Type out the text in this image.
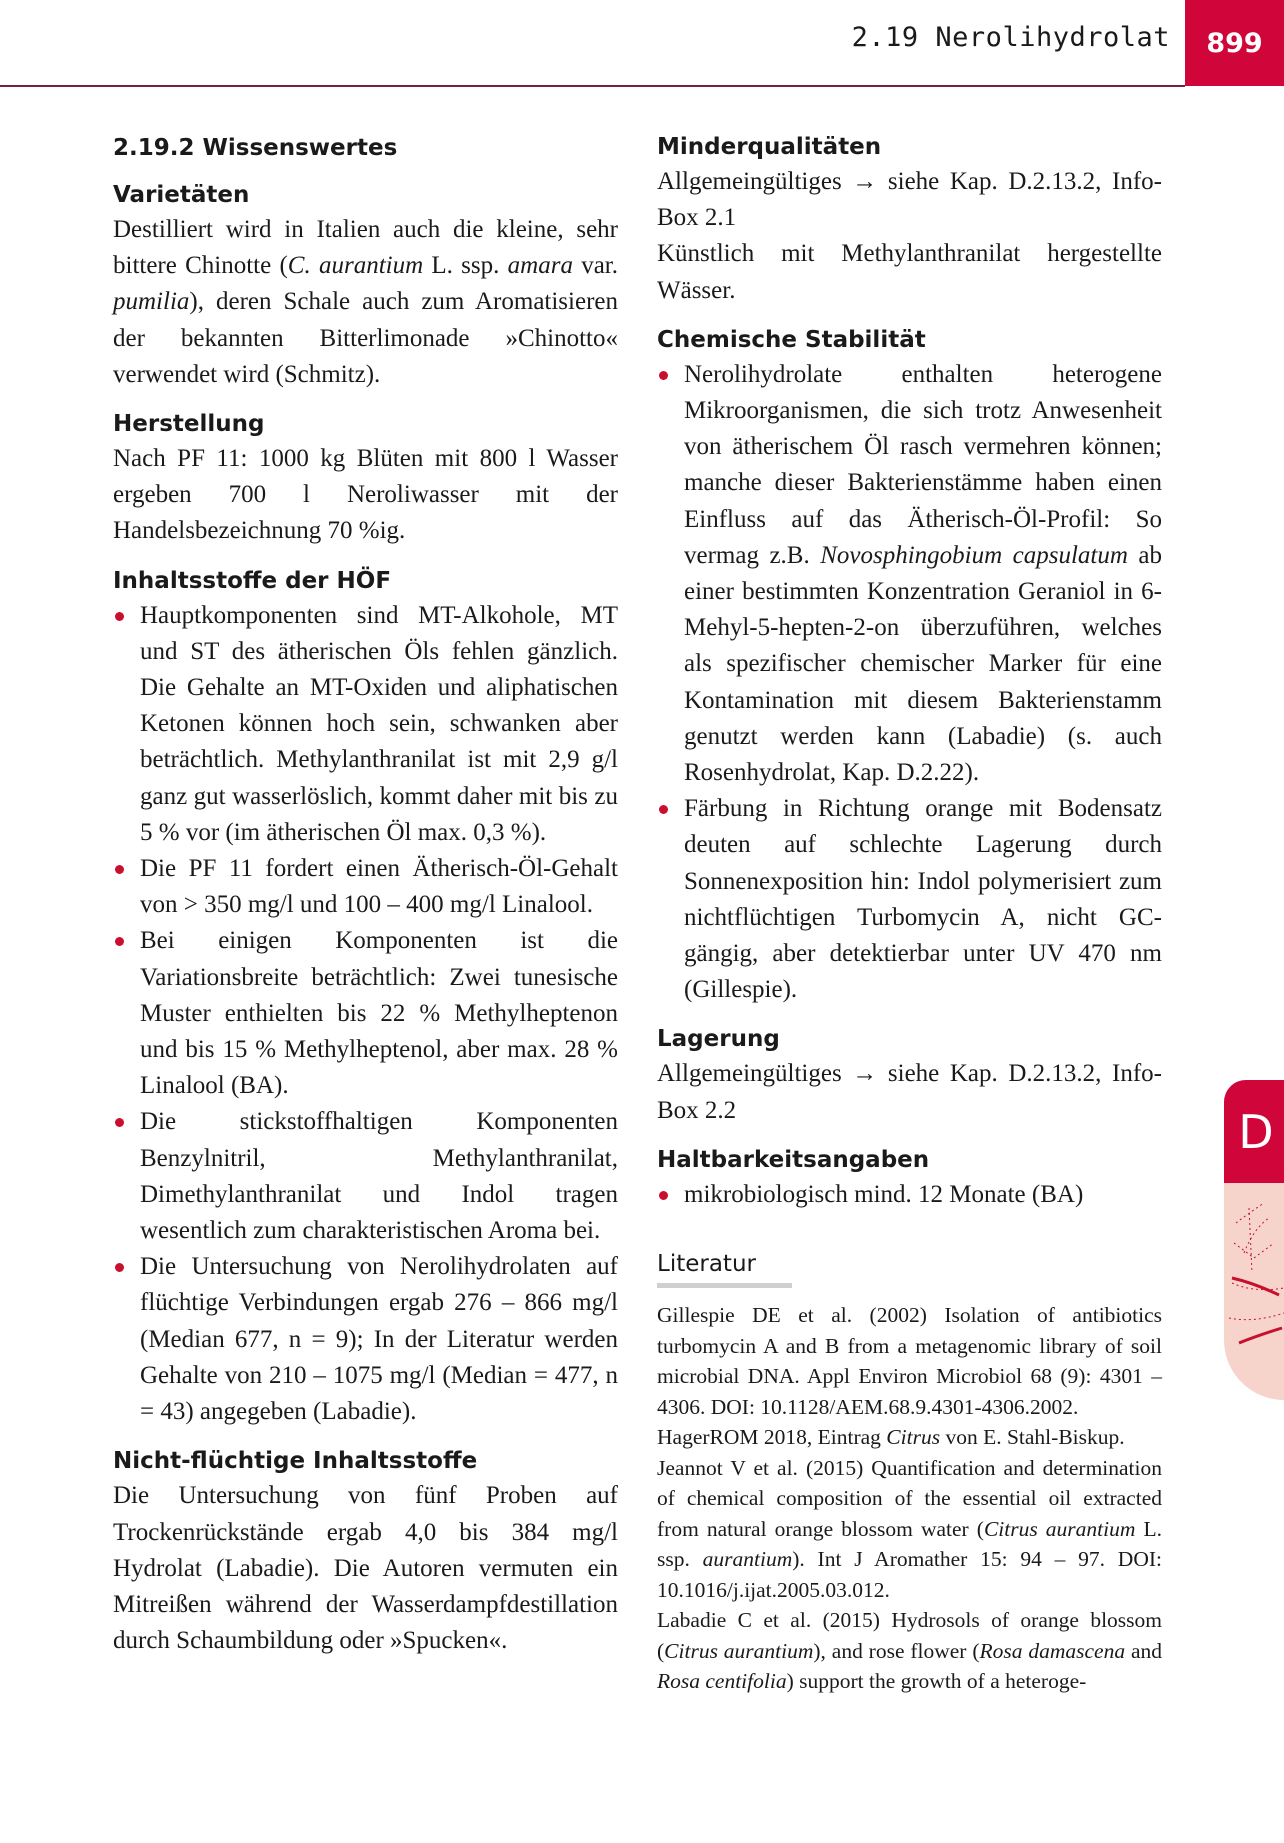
2.19 Nerolihydrolat	899
2.19.2 Wissenswertes
Varietäten

Destilliert wird in Italien auch die kleine, sehr bittere Chinotte (C. aurantium L. ssp. amara var. pumilia), deren Schale auch zum Aromatisieren der bekannten Bitterlimonade »Chinotto« verwendet wird (Schmitz).

Herstellung

Nach PF 11: 1000 kg Blüten mit 800 l Wasser ergeben 700 l Neroliwasser mit der Handelsbezeichnung 70 %ig.

Inhaltsstoffe der HÖF
Hauptkomponenten sind MT-Alkohole, MT und ST des ätherischen Öls fehlen gänzlich. Die Gehalte an MT-Oxiden und aliphatischen Ketonen können hoch sein, schwanken aber beträchtlich. Methylanthranilat ist mit 2,9 g/l ganz gut wasserlöslich, kommt daher mit bis zu 5 % vor (im ätherischen Öl max. 0,3 %).
Die PF 11 fordert einen Ätherisch-Öl-Gehalt von > 350 mg/l und 100 – 400 mg/l Linalool.
Bei einigen Komponenten ist die Variationsbreite beträchtlich: Zwei tunesische Muster enthielten bis 22 % Methylheptenon und bis 15 % Methylheptenol, aber max. 28 % Linalool (BA).
Die stickstoffhaltigen Komponenten Benzylnitril, Methylanthranilat, Dimethylanthranilat und Indol tragen wesentlich zum charakteristischen Aroma bei.
Die Untersuchung von Nerolihydrolaten auf flüchtige Verbindungen ergab 276 – 866 mg/l (Median 677, n = 9); In der Literatur werden Gehalte von 210 – 1075 mg/l (Median = 477, n = 43) angegeben (Labadie).
Nicht-flüchtige Inhaltsstoffe

Die Untersuchung von fünf Proben auf Trockenrückstände ergab 4,0 bis 384 mg/l Hydrolat (Labadie). Die Autoren vermuten ein Mitreißen während der Wasserdampfdestillation durch Schaumbildung oder »Spucken«.

Minderqualitäten

Allgemeingültiges → siehe Kap. D.2.13.2, Info-Box 2.1

Künstlich mit Methylanthranilat hergestellte Wässer.

Chemische Stabilität
Nerolihydrolate enthalten heterogene Mikroorganismen, die sich trotz Anwesenheit von ätherischem Öl rasch vermehren können; manche dieser Bakterienstämme haben einen Einfluss auf das Ätherisch-Öl-Profil: So vermag z.B. Novosphingobium capsulatum ab einer bestimmten Konzentration Geraniol in 6-Mehyl-5-hepten-2-on überzuführen, welches als spezifischer chemischer Marker für eine Kontamination mit diesem Bakterienstamm genutzt werden kann (Labadie) (s. auch Rosenhydrolat, Kap. D.2.22).
Färbung in Richtung orange mit Bodensatz deuten auf schlechte Lagerung durch Sonnenexposition hin: Indol polymerisiert zum nichtflüchtigen Turbomycin A, nicht GC-gängig, aber detektierbar unter UV 470 nm (Gillespie).
Lagerung

Allgemeingültiges → siehe Kap. D.2.13.2, Info-Box 2.2

Haltbarkeitsangaben
mikrobiologisch mind. 12 Monate (BA)
Literatur

Gillespie DE et al. (2002) Isolation of antibiotics turbomycin A and B from a metagenomic library of soil microbial DNA. Appl Environ Microbiol 68 (9): 4301 – 4306. DOI: 10.1128/AEM.68.9.4301-4306.2002.

HagerROM 2018, Eintrag Citrus von E. Stahl-Biskup.

Jeannot V et al. (2015) Quantification and determination of chemical composition of the essential oil extracted from natural orange blossom water (Citrus aurantium L. ssp. aurantium). Int J Aromather 15: 94 – 97. DOI: 10.1016/j.ijat.2005.03.012.

Labadie C et al. (2015) Hydrosols of orange blossom (Citrus aurantium), and rose flower (Rosa damascena and Rosa centifolia) support the growth of a heteroge-

D
